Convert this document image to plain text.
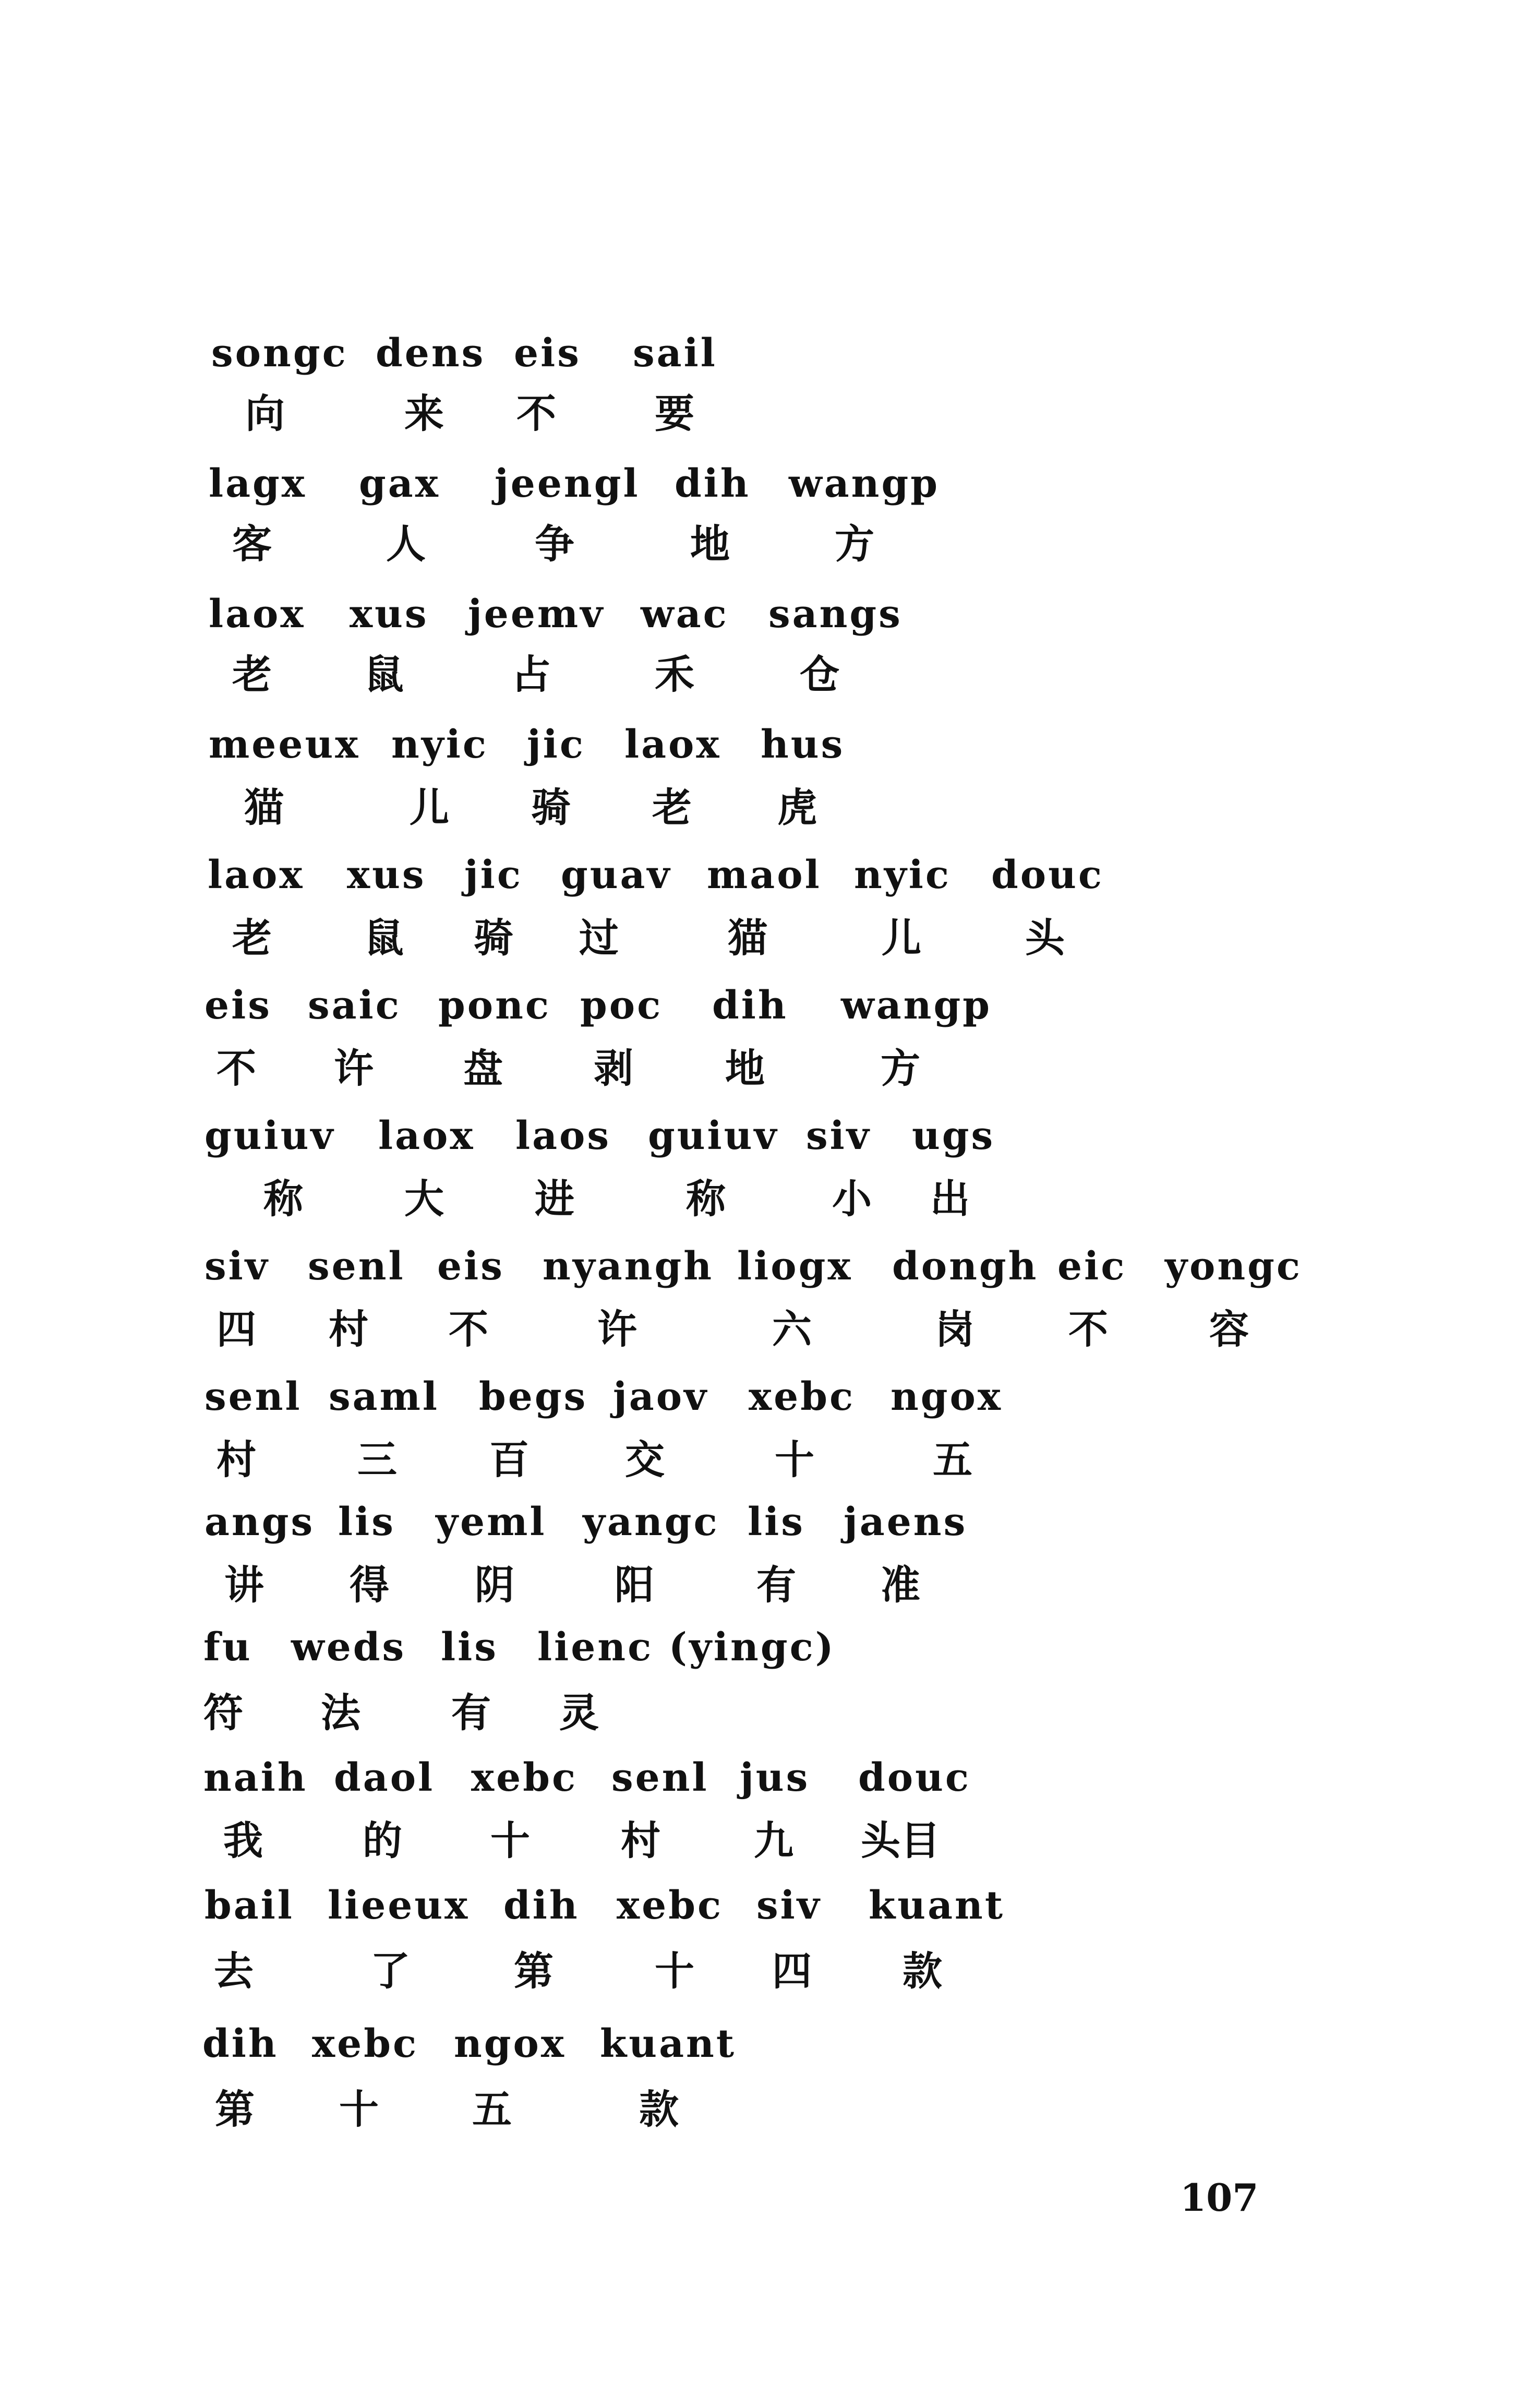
songc dens eis sail
向	来 不 要
lagx gax jeengl dih wangp
客	人	争	地	方
laox xus jeemv wac sangs
老 鼠	占	禾	仓
meeux nyic jic laox hus
猫	儿 骑 老 虎
laox xus jic guav maol nyic douc
老 鼠 骑 过	猫	儿	头
eis saic ponc poc dih wangp
不 许 盘 剥 地	方
guiuv laox laos guiuv siv ugs
称	大 进	称	小 出
siv senl eis nyangh liogx dongh eic yongc
四 村 不	许	六	岗 不	容
senl saml begs jaov xebc ngox
村	三 百 交	十	五
angs lis yeml yangc lis jaens
讲 得 阴	阳	有 准
fu weds lis lienc (yingc)
符 法 有 灵
naih daol xebc senl jus douc
我	的 十 村 九 头目
bail lieeux dih xebc siv kuant
去	了	第	十 四 款
dih xebc ngox kuant
第 十 五	款
107
